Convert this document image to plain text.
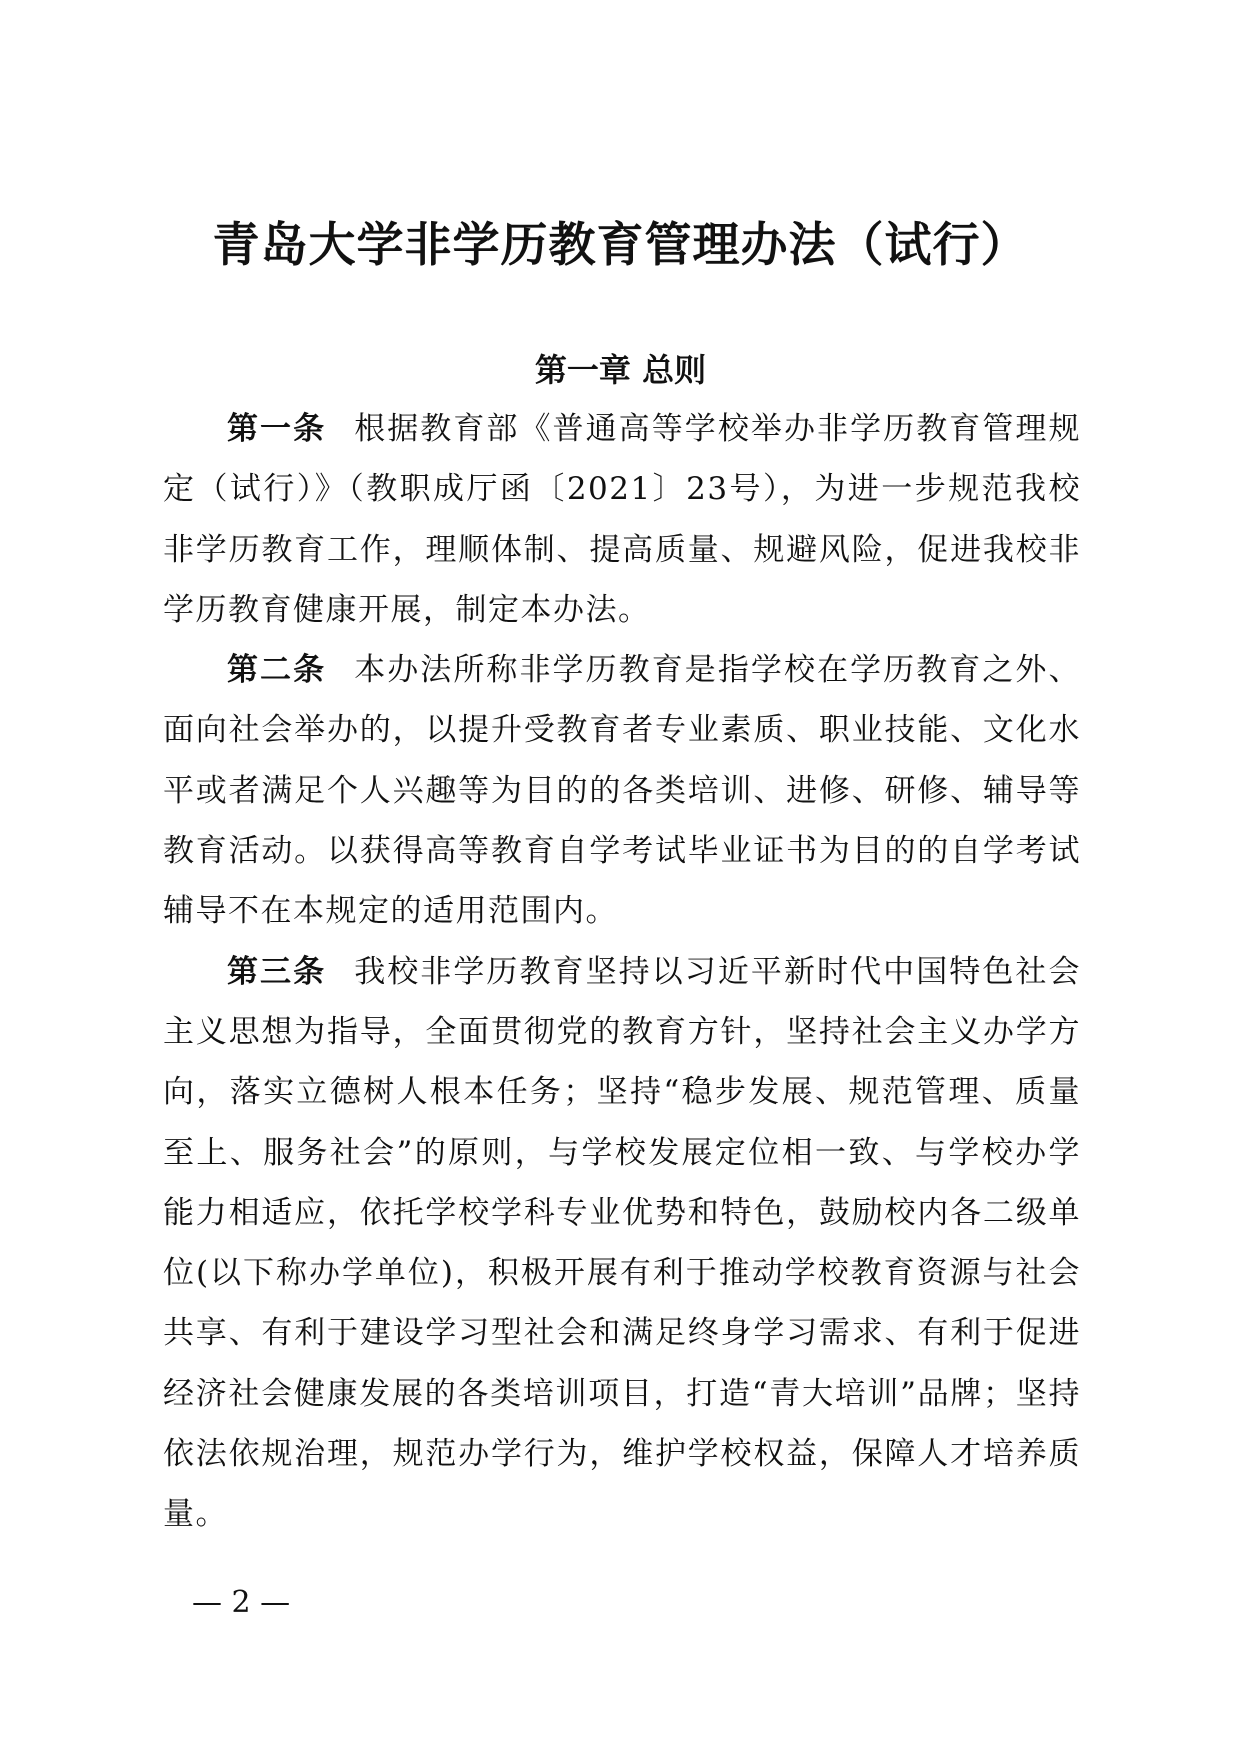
青岛大学非学历教育管理办法（试行）
第一章 总则

第一条 根据教育部《普通高等学校举办非学历教育管理规定（试行）》（教职成厅函〔2021〕23号），为进一步规范我校非学历教育工作，理顺体制、提高质量、规避风险，促进我校非学历教育健康开展，制定本办法。

第二条 本办法所称非学历教育是指学校在学历教育之外、面向社会举办的，以提升受教育者专业素质、职业技能、文化水平或者满足个人兴趣等为目的的各类培训、进修、研修、辅导等教育活动。以获得高等教育自学考试毕业证书为目的的自学考试辅导不在本规定的适用范围内。

第三条 我校非学历教育坚持以习近平新时代中国特色社会主义思想为指导，全面贯彻党的教育方针，坚持社会主义办学方向，落实立德树人根本任务；坚持“稳步发展、规范管理、质量至上、服务社会”的原则，与学校发展定位相一致、与学校办学能力相适应，依托学校学科专业优势和特色，鼓励校内各二级单位(以下称办学单位)，积极开展有利于推动学校教育资源与社会共享、有利于建设学习型社会和满足终身学习需求、有利于促进经济社会健康发展的各类培训项目，打造“青大培训”品牌；坚持依法依规治理，规范办学行为，维护学校权益，保障人才培养质量。

— 2 —
